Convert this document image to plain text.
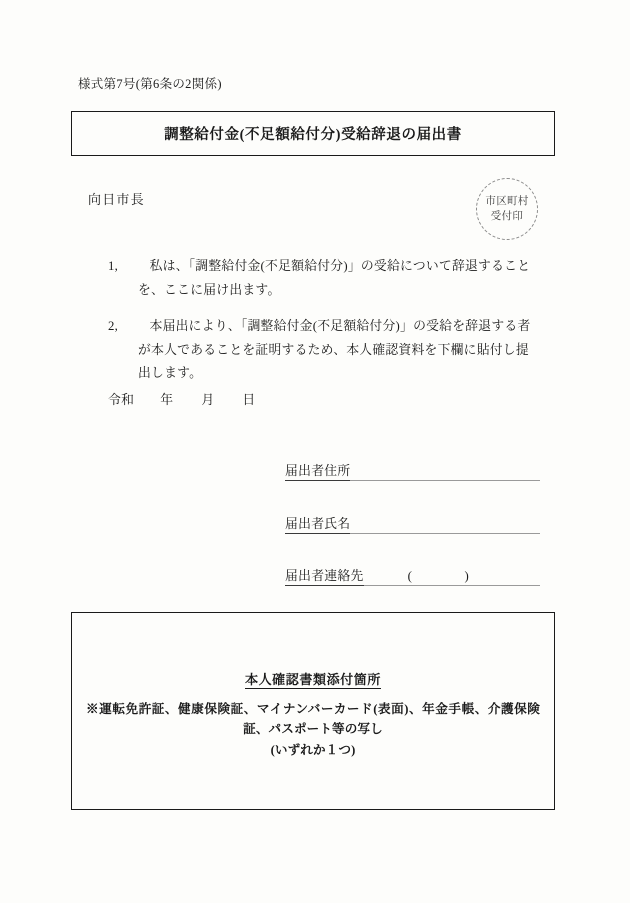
様式第7号(第6条の2関係)
調整給付金(不足額給付分)受給辞退の届出書
向日市長	市区町村
受付印
1,	私は、「調整給付金(不足額給付分)」の受給について辞退することを、ここに届け出ます。
2,	本届出により、「調整給付金(不足額給付分)」の受給を辞退する者が本人であることを証明するため、本人確認資料を下欄に貼付し提出します。
令和 年 月 日
届出者住所
届出者氏名
届出者連絡先	(　　　　)
本人確認書類添付箇所
※運転免許証、健康保険証、マイナンバーカード(表面)、年金手帳、介護保険証、パスポート等の写し
(いずれか１つ)
